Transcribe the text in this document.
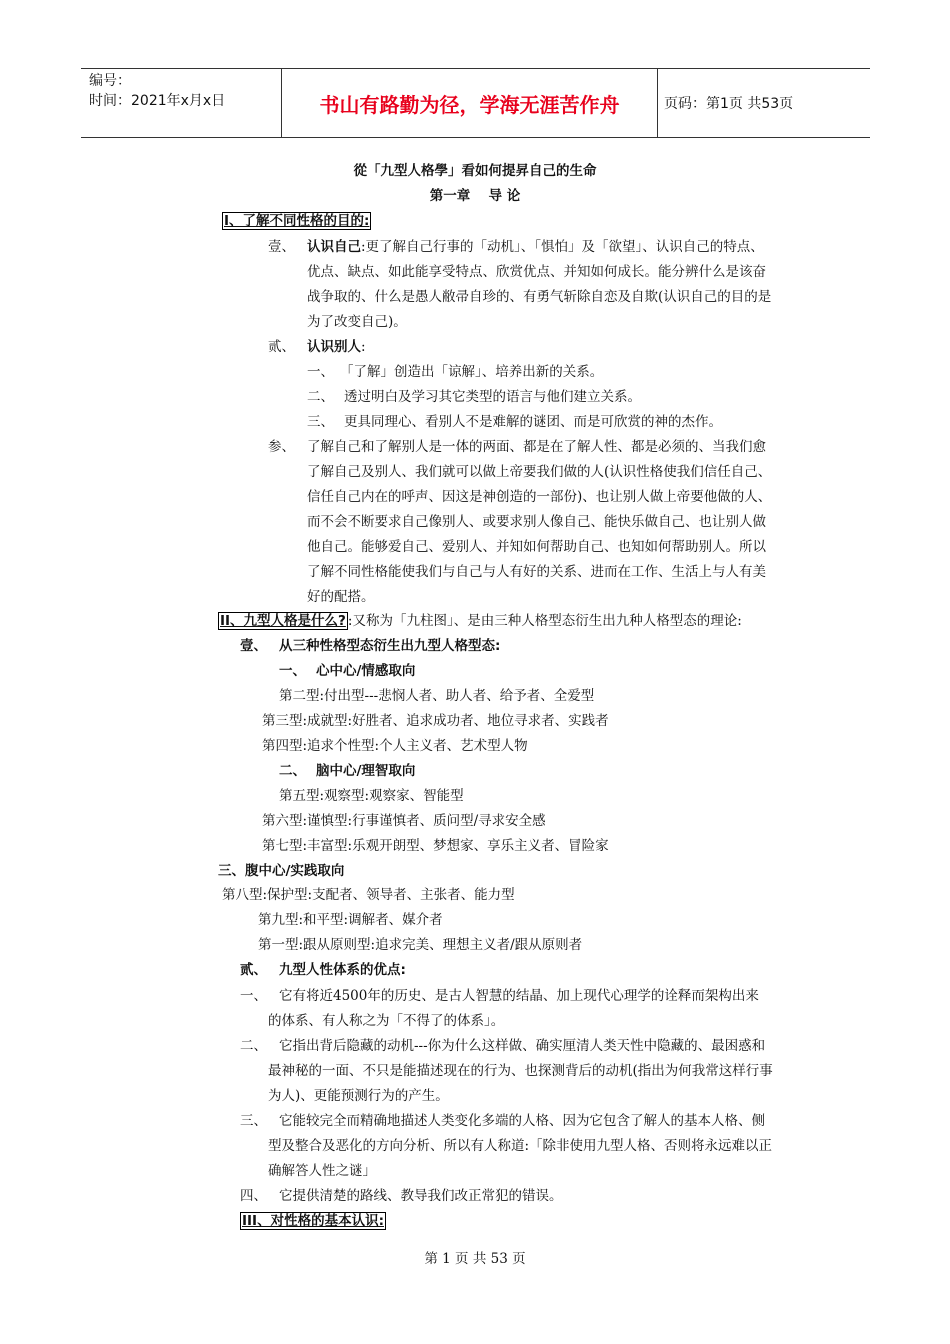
编号：
时间：2021年x月x日	书山有路勤为径，学海无涯苦作舟	页码：第1页 共53页
從「九型人格學」看如何提昇自己的生命
第一章　 导 论
I、了解不同性格的目的:
壹、 认识自己:更了解自己行事的「动机」、「惧怕」及「欲望」、认识自己的特点、
优点、缺点、如此能享受特点、欣赏优点、并知如何成长。能分辨什么是该奋
战争取的、什么是愚人敝帚自珍的、有勇气斩除自恋及自欺(认识自己的目的是
为了改变自己)。
贰、 认识别人:
一、 「了解」创造出「谅解」、培养出新的关系。
二、 透过明白及学习其它类型的语言与他们建立关系。
三、 更具同理心、看别人不是难解的谜团、而是可欣赏的神的杰作。
参、 了解自己和了解别人是一体的两面、都是在了解人性、都是必须的、当我们愈
了解自己及别人、我们就可以做上帝要我们做的人(认识性格使我们信任自己、
信任自己内在的呼声、因这是神创造的一部份)、也让别人做上帝要他做的人、
而不会不断要求自己像别人、或要求别人像自己、能快乐做自己、也让别人做
他自己。能够爱自己、爱别人、并知如何帮助自己、也知如何帮助别人。所以
了解不同性格能使我们与自己与人有好的关系、进而在工作、生活上与人有美
好的配搭。
II、九型人格是什么? :又称为「九柱图」、是由三种人格型态衍生出九种人格型态的理论:
壹、 从三种性格型态衍生出九型人格型态:
一、 心中心/情感取向
第二型:付出型---悲悯人者、助人者、给予者、全爱型
第三型:成就型:好胜者、追求成功者、地位寻求者、实践者
第四型:追求个性型:个人主义者、艺术型人物
二、 脑中心/理智取向
第五型:观察型:观察家、智能型
第六型:谨慎型:行事谨慎者、质问型/寻求安全感
第七型:丰富型:乐观开朗型、梦想家、享乐主义者、冒险家
三、腹中心/实践取向
第八型:保护型:支配者、领导者、主张者、能力型
第九型:和平型:调解者、媒介者
第一型:跟从原则型:追求完美、理想主义者/跟从原则者
贰、 九型人性体系的优点:
一、 它有将近4500年的历史、是古人智慧的结晶、加上现代心理学的诠释而架构出来
的体系、有人称之为「不得了的体系」。
二、 它指出背后隐藏的动机---你为什么这样做、确实厘清人类天性中隐藏的、最困惑和
最神秘的一面、不只是能描述现在的行为、也探测背后的动机(指出为何我常这样行事
为人)、更能预测行为的产生。
三、 它能较完全而精确地描述人类变化多端的人格、因为它包含了解人的基本人格、侧
型及整合及恶化的方向分析、所以有人称道:「除非使用九型人格、否则将永远难以正
确解答人性之谜」
四、 它提供清楚的路线、教导我们改正常犯的错误。
III、对性格的基本认识:
第 1 页 共 53 页
